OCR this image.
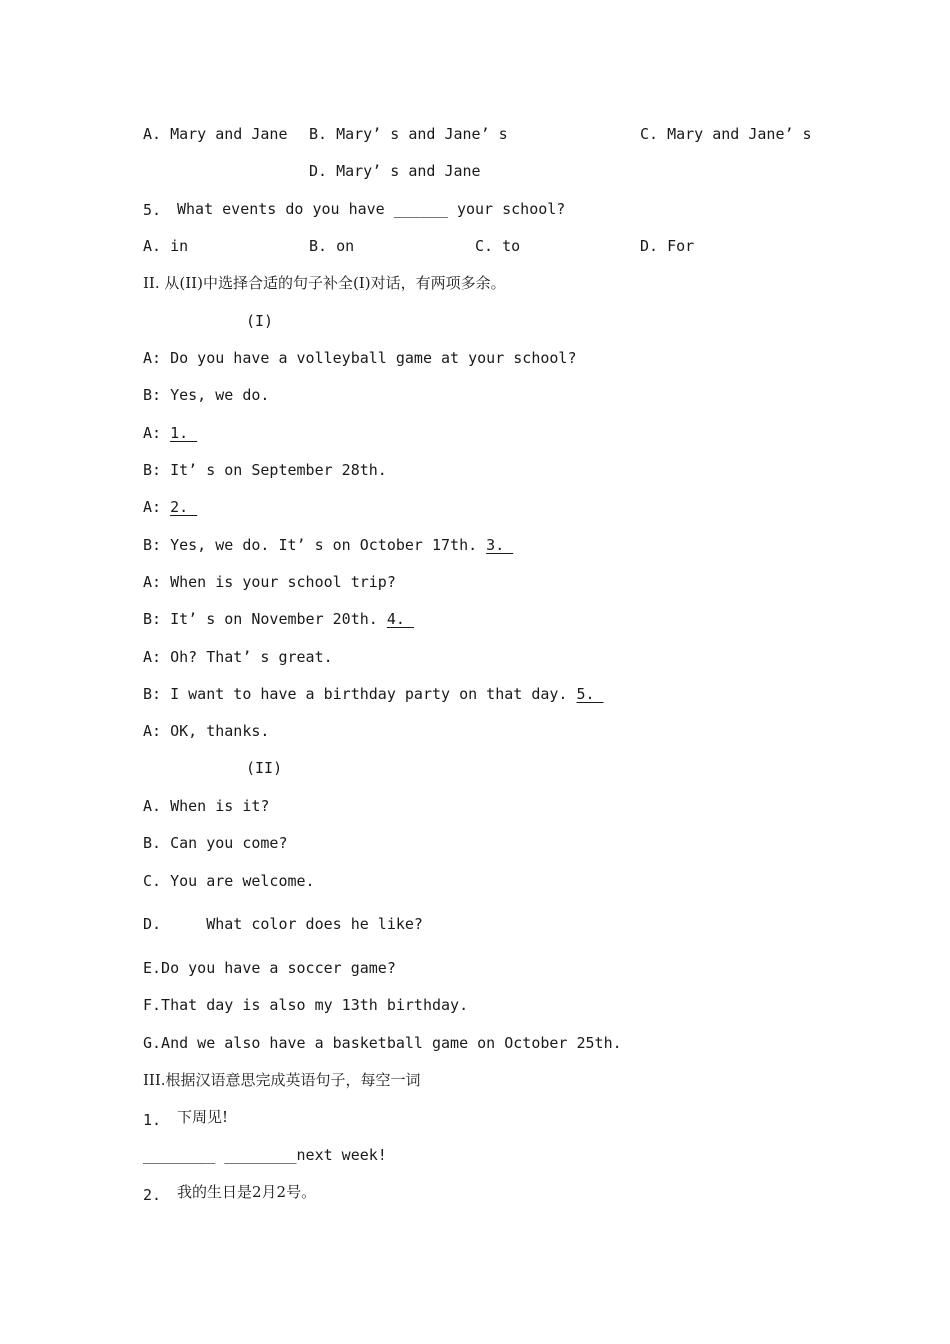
A. Mary and Jane B. Mary’ s and Jane’ s	C. Mary and Jane’ s
D. Mary’ s and Jane
5. What events do you have ______ your school?
A. in	B. on	C. to	D. For
II. 从(II)中选择合适的句子补全(I)对话，有两项多余。
(I)
A: Do you have a volleyball game at your school?
B: Yes, we do.
A: 1.
B: It’ s on September 28th.
A: 2.
B: Yes, we do. It’ s on October 17th. 3.
A: When is your school trip?
B: It’ s on November 20th. 4.
A: Oh? That’ s great.
B: I want to have a birthday party on that day. 5.
A: OK, thanks.
(II)
A. When is it?
B. Can you come?
C. You are welcome.
D.     What color does he like?
E.Do you have a soccer game?
F.That day is also my 13th birthday.
G.And we also have a basketball game on October 25th.
III.根据汉语意思完成英语句子，每空一词
1. 下周见!
________ ________next week!
2. 我的生日是2月2号。
